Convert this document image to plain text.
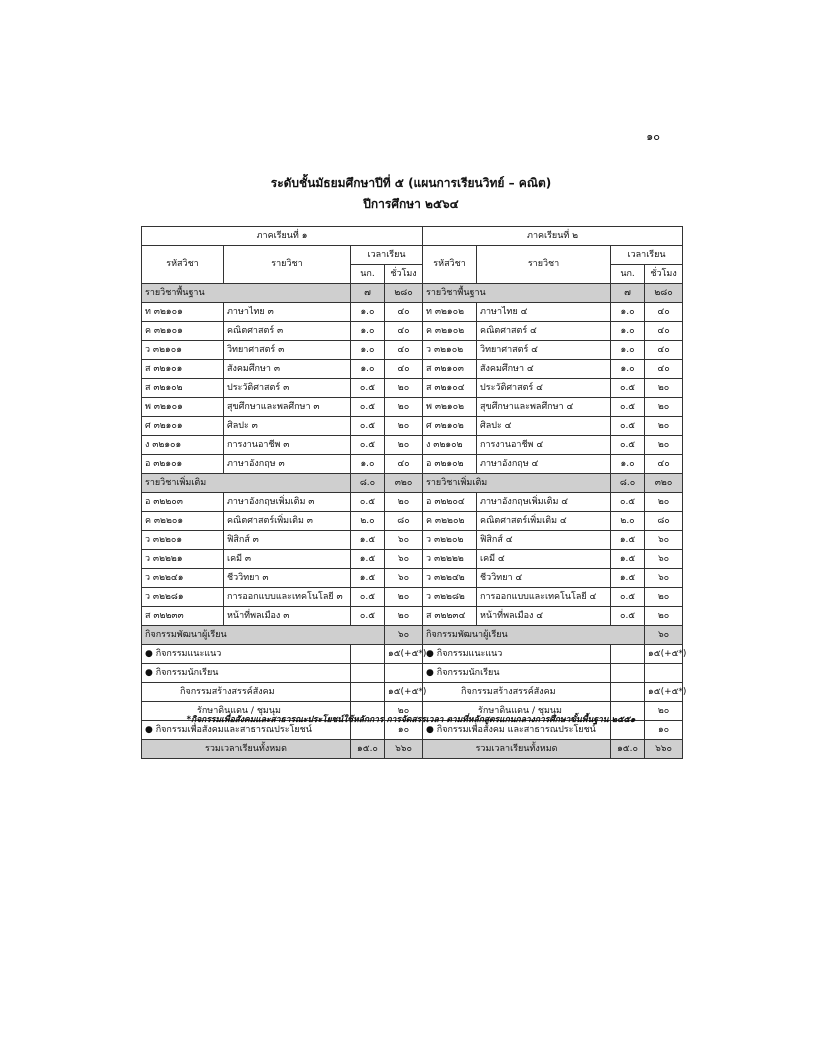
๑๐
ระดับชั้นมัธยมศึกษาปีที่ ๕ (แผนการเรียนวิทย์ – คณิต)
ปีการศึกษา ๒๕๖๔
ภาคเรียนที่ ๑				ภาคเรียนที่ ๒			
รหัสวิชา	รายวิชา	เวลาเรียน		รหัสวิชา	รายวิชา	เวลาเรียน	
		นก.	ชั่วโมง			นก.	ชั่วโมง
รายวิชาพื้นฐาน		๗	๒๘๐	รายวิชาพื้นฐาน		๗	๒๘๐
ท ๓๒๑๐๑	ภาษาไทย ๓	๑.๐	๔๐	ท ๓๒๑๐๒	ภาษาไทย ๔	๑.๐	๔๐
ค ๓๒๑๐๑	คณิตศาสตร์ ๓	๑.๐	๔๐	ค ๓๒๑๐๒	คณิตศาสตร์ ๔	๑.๐	๔๐
ว ๓๒๑๐๑	วิทยาศาสตร์ ๓	๑.๐	๔๐	ว ๓๒๑๐๒	วิทยาศาสตร์ ๔	๑.๐	๔๐
ส ๓๒๑๐๑	สังคมศึกษา ๓	๑.๐	๔๐	ส ๓๒๑๐๓	สังคมศึกษา ๔	๑.๐	๔๐
ส ๓๒๑๐๒	ประวัติศาสตร์ ๓	๐.๕	๒๐	ส ๓๒๑๐๔	ประวัติศาสตร์ ๔	๐.๕	๒๐
พ ๓๒๑๐๑	สุขศึกษาและพลศึกษา ๓	๐.๕	๒๐	พ ๓๒๑๐๒	สุขศึกษาและพลศึกษา ๔	๐.๕	๒๐
ศ ๓๒๑๐๑	ศิลปะ ๓	๐.๕	๒๐	ศ ๓๒๑๐๒	ศิลปะ ๔	๐.๕	๒๐
ง ๓๒๑๐๑	การงานอาชีพ ๓	๐.๕	๒๐	ง ๓๒๑๐๒	การงานอาชีพ ๔	๐.๕	๒๐
อ ๓๒๑๐๑	ภาษาอังกฤษ ๓	๑.๐	๔๐	อ ๓๒๑๐๒	ภาษาอังกฤษ ๔	๑.๐	๔๐
รายวิชาเพิ่มเติม		๘.๐	๓๒๐	รายวิชาเพิ่มเติม		๘.๐	๓๒๐
อ ๓๒๒๐๓	ภาษาอังกฤษเพิ่มเติม ๓	๐.๕	๒๐	อ ๓๒๒๐๔	ภาษาอังกฤษเพิ่มเติม ๔	๐.๕	๒๐
ค ๓๒๒๐๑	คณิตศาสตร์เพิ่มเติม ๓	๒.๐	๘๐	ค ๓๒๒๐๒	คณิตศาสตร์เพิ่มเติม ๔	๒.๐	๘๐
ว ๓๒๒๐๑	ฟิสิกส์ ๓	๑.๕	๖๐	ว ๓๒๒๐๒	ฟิสิกส์ ๔	๑.๕	๖๐
ว ๓๒๒๒๑	เคมี ๓	๑.๕	๖๐	ว ๓๒๒๒๒	เคมี ๔	๑.๕	๖๐
ว ๓๒๒๔๑	ชีววิทยา ๓	๑.๕	๖๐	ว ๓๒๒๔๒	ชีววิทยา ๔	๑.๕	๖๐
ว ๓๒๒๘๑	การออกแบบและเทคโนโลยี ๓	๐.๕	๒๐	ว ๓๒๒๘๒	การออกแบบและเทคโนโลยี ๔	๐.๕	๒๐
ส ๓๒๒๓๓	หน้าที่พลเมือง ๓	๐.๕	๒๐	ส ๓๒๒๓๔	หน้าที่พลเมือง ๔	๐.๕	๒๐
กิจกรรมพัฒนาผู้เรียน			๖๐	กิจกรรมพัฒนาผู้เรียน			๖๐
● กิจกรรมแนะแนว			๑๕(+๕*)	● กิจกรรมแนะแนว			๑๕(+๕*)
● กิจกรรมนักเรียน				● กิจกรรมนักเรียน			
กิจกรรมสร้างสรรค์สังคม			๑๕(+๕*)	กิจกรรมสร้างสรรค์สังคม			๑๕(+๕*)
รักษาดินแดน / ชุมนุม			๒๐	รักษาดินแดน / ชุมนุม			๒๐
● กิจกรรมเพื่อสังคมและสาธารณประโยชน์			๑๐	● กิจกรรมเพื่อสังคม และสาธารณประโยชน์			๑๐
รวมเวลาเรียนทั้งหมด		๑๕.๐	๖๖๐	รวมเวลาเรียนทั้งหมด		๑๕.๐	๖๖๐
*กิจกรรมเพื่อสังคมและสาธารณะประโยชน์ใช้หลักการ การจัดสรรเวลา ตามที่หลักสูตรแกนกลางการศึกษาขั้นพื้นฐาน ๒๕๕๑
